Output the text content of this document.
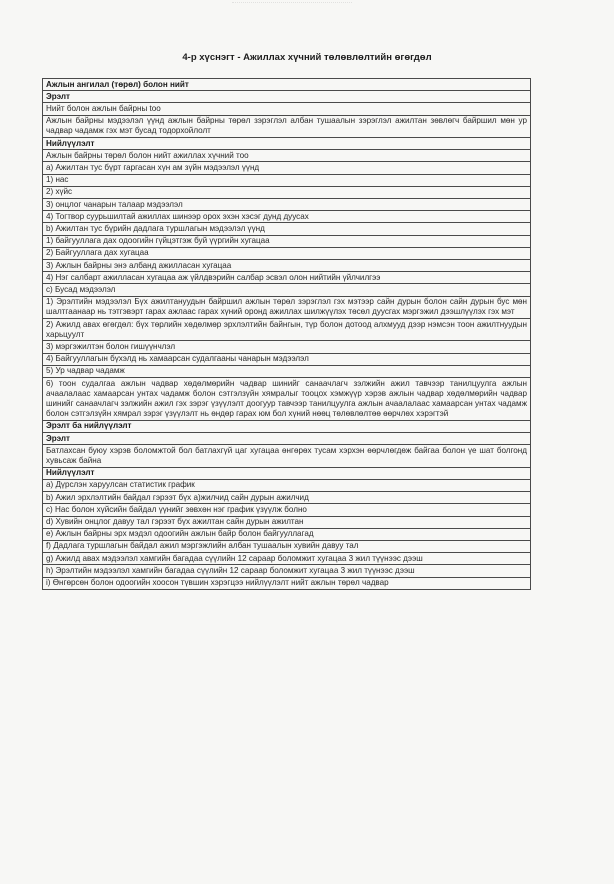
4-р хүснэгт - Ажиллах хүчний төлөвлөлтийн өгөгдөл
Ажлын ангилал (төрөл) болон нийт
Эрэлт
Нийт болон ажлын байрны too
Ажлын байрны мэдээлэл үүнд ажлын байрны төрөл зэрэглэл албан тушаалын зэрэглэл ажилтан зөвлөгч байршил мөн ур чадвар чадамж гэх мэт бусад тодорхойлолт
Нийлүүлэлт
Ажлын байрны төрөл болон нийт ажиллах хүчний тоо
а) Ажилтан тус бүрт гаргасан хүн ам зүйн мэдээлэл үүнд
1) нас
2) хүйс
3) онцлог чанарын талаар мэдээлэл
4) Тогтвор суурьшилтай ажиллах шинээр орох эхэн хэсэг дунд дуусах
b) Ажилтан тус бүрийн дадлага туршлагын мэдээлэл үүнд
1) байгууллага дах одоогийн гүйцэтгэж буй үүргийн хугацаа
2) Байгууллага дах хугацаа
3) Ажлын байрны энэ албанд ажилласан хугацаа
4) Нэг салбарт ажилласан хугацаа аж үйлдвэрийн салбар эсвэл олон нийтийн үйлчилгээ
c) Бусад мэдээлэл
1) Эрэлтийн мэдээлэл Бүх ажилтануудын байршил ажлын төрөл зэрэглэл гэх мэтээр сайн дурын болон сайн дурын бус мөн шалтгаанаар нь тэтгэвэрт гарах ажлаас гарах хүний оронд ажиллах шилжүүлэх төсөл дуусгах мэргэжил дээшлүүлэх гэх мэт
2) Ажилд авах өгөгдөл: бүх төрлийн хөдөлмөр эрхлэлтийн байнгын, түр болон дотоод алхмууд дээр нэмсэн тоон ажилтнуудын харьцуулт
3) мэргэжилтэн болон гишүүнчлэл
4) Байгууллагын бүхэлд нь хамаарсан судалгааны чанарын мэдээлэл
5) Ур чадвар чадамж
6) тоон судалгаа ажлын чадвар хөдөлмөрийн чадвар шинийг санаачлагч зэлжийн ажил тавчээр танилцуулга ажлын ачаалалаас хамаарсан унтах чадамж болон сэтгэлзүйн хямралыг тооцох хэмжүүр хэрэв ажлын чадвар хөдөлмөрийн чадвар шинийг санаачлагч зэлжийн ажил гэх зэрэг үзүүлэлт доогуур тавчээр танилцуулга ажлын ачаалалаас хамаарсан унтах чадамж болон сэтгэлзүйн хямрал зэрэг үзүүлэлт нь өндөр гарах юм бол хүний нөөц төлөвлөлтөө өөрчлөх хэрэгтэй
Эрэлт ба нийлүүлэлт
Эрэлт
Батлахсан буюу хэрэв боломжтой бол батлахгүй цаг хугацаа өнгөрөх тусам хэрхэн өөрчлөгдөж байгаа болон үе шат болгонд хувьсаж байна
Нийлүүлэлт
a) Дүрслэн харуулсан статистик график
b) Ажил эрхлэлтийн байдал гэрээт бүх а)жилчид сайн дурын ажилчид
c) Нас болон хүйсийн байдал үүнийг зөвхөн нэг график үзүүлж болно
d) Хувийн онцлог давуу тал гэрээт бүх ажилтан сайн дурын ажилтан
e) Ажлын байрны эрх мэдэл одоогийн ажлын байр болон байгууллагад
f) Дадлага туршлагын байдал ажил мэргэжлийн албан тушаалын хувийн давуу тал
g) Ажилд авах мэдээлэл хамгийн багадаа сүүлийн 12 сараар боломжит хугацаа 3 жил түүнээс дээш
h) Эрэлтийн мэдээлэл хамгийн багадаа сүүлийн 12 сараар боломжит хугацаа 3 жил түүнээс дээш
i) Өнгөрсөн болон одоогийн хоосон түвшин хэрэгцээ нийлүүлэлт нийт ажлын төрөл чадвар
